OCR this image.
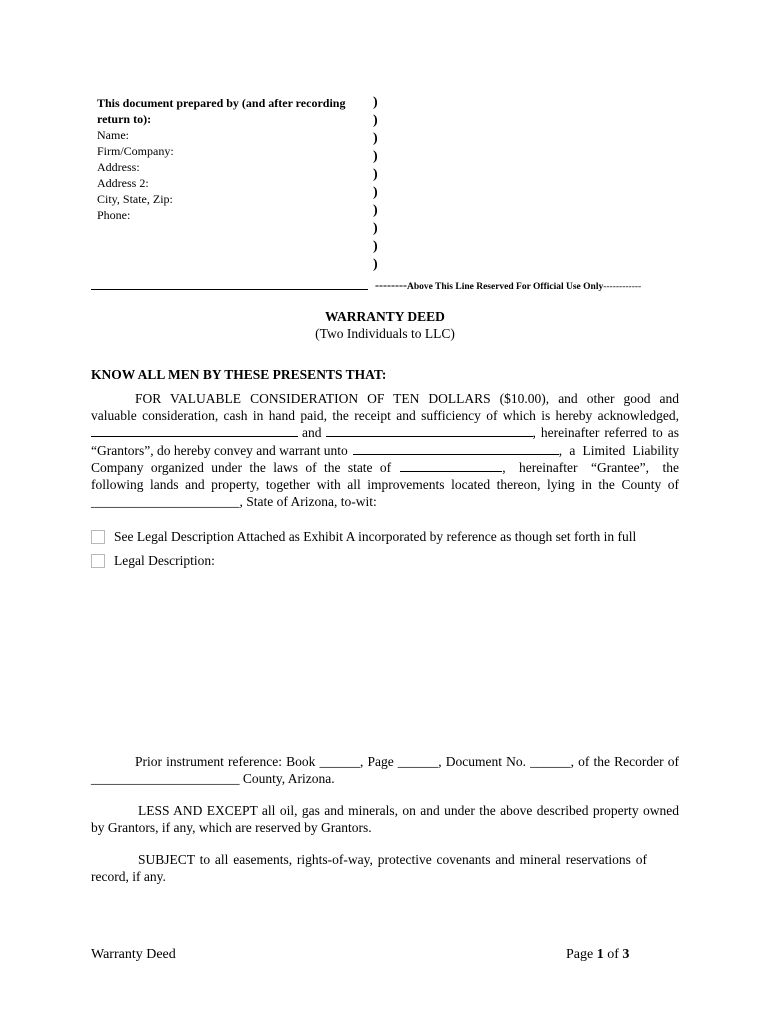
This document prepared by (and after recording
return to):
Name:
Firm/Company:
Address:
Address 2:
City, State, Zip:
Phone:
)
)
)
)
)
)
)
)
)
)
--------Above This Line Reserved For Official Use Only------------
WARRANTY DEED
(Two Individuals to LLC)
KNOW ALL MEN BY THESE PRESENTS THAT:
FOR VALUABLE CONSIDERATION OF TEN DOLLARS ($10.00), and other good and
valuable consideration, cash in hand paid, the receipt and sufficiency of which is hereby acknowledged,
and	, hereinafter referred to as
“Grantors”, do hereby convey and warrant unto	, a Limited Liability
Company organized under the laws of the state of	, hereinafter “Grantee”, the
following lands and property, together with all improvements located thereon, lying in the County of
______________________, State of Arizona, to-wit:
See Legal Description Attached as Exhibit A incorporated by reference as though set forth in full
Legal Description:
Prior instrument reference: Book ______, Page ______, Document No. ______, of the Recorder of
______________________ County, Arizona.
LESS AND EXCEPT all oil, gas and minerals, on and under the above described property owned
by Grantors, if any, which are reserved by Grantors.
SUBJECT to all easements, rights-of-way, protective covenants and mineral reservations of
record, if any.
Warranty Deed	Page 1 of 3
